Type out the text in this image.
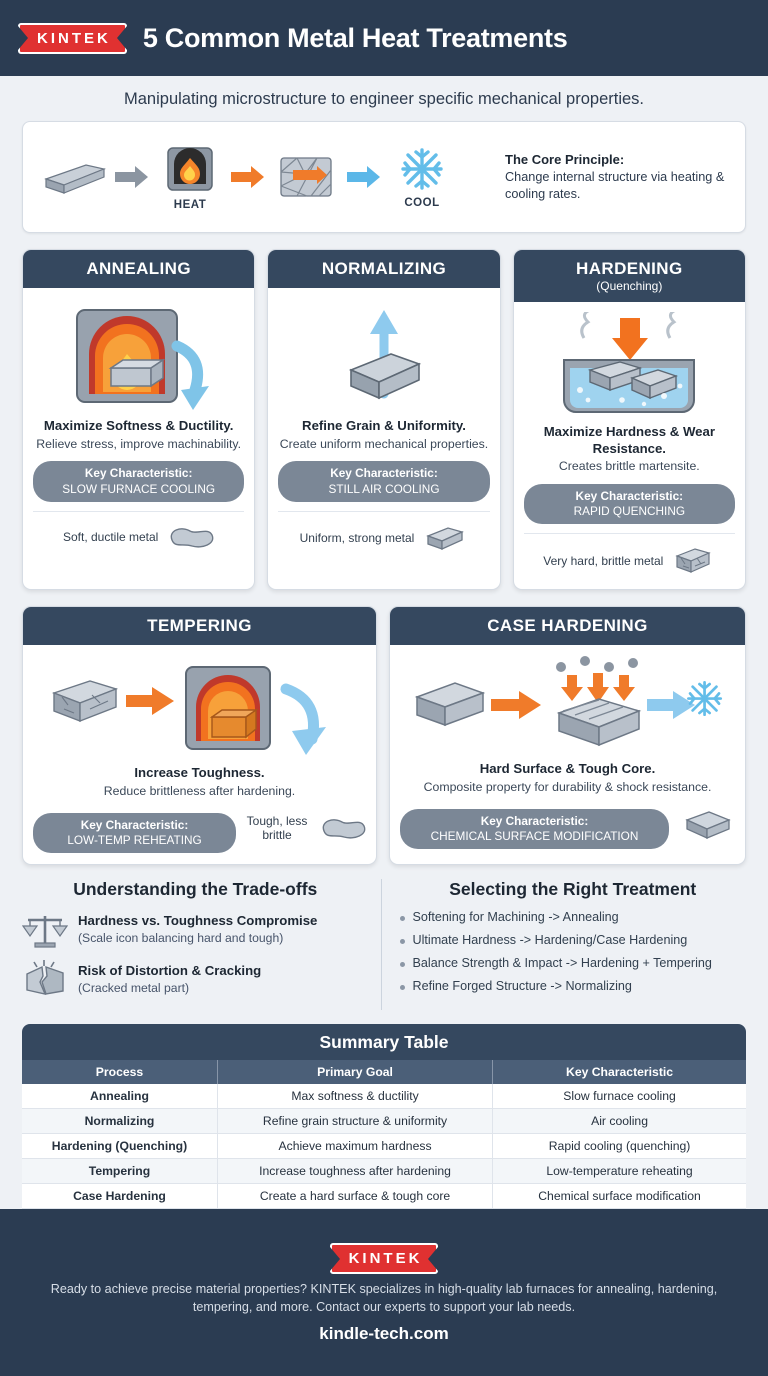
KINTEK	5 Common Metal Heat Treatments
Manipulating microstructure to engineer specific mechanical properties.
HEAT	COOL
The Core Principle:
Change internal structure via heating & cooling rates.
ANNEALING
Maximize Softness & Ductility.
Relieve stress, improve machinability.
Key Characteristic:
SLOW FURNACE COOLING
Soft, ductile metal
NORMALIZING
Refine Grain & Uniformity.
Create uniform mechanical properties.
Key Characteristic:
STILL AIR COOLING
Uniform, strong metal
HARDENING
(Quenching)
Maximize Hardness & Wear Resistance.
Creates brittle martensite.
Key Characteristic:
RAPID QUENCHING
Very hard, brittle metal
TEMPERING
Increase Toughness.
Reduce brittleness after hardening.
Key Characteristic:
LOW-TEMP REHEATING
Tough, less brittle
CASE HARDENING
Hard Surface & Tough Core.
Composite property for durability & shock resistance.
Key Characteristic:
CHEMICAL SURFACE MODIFICATION
Understanding the Trade-offs
Hardness vs. Toughness Compromise
(Scale icon balancing hard and tough)
Risk of Distortion & Cracking
(Cracked metal part)
Selecting the Right Treatment
Softening for Machining -> Annealing
Ultimate Hardness -> Hardening/Case Hardening
Balance Strength & Impact -> Hardening + Tempering
Refine Forged Structure -> Normalizing
Summary Table
Process	Primary Goal	Key Characteristic
Annealing	Max softness & ductility	Slow furnace cooling
Normalizing	Refine grain structure & uniformity	Air cooling
Hardening (Quenching)	Achieve maximum hardness	Rapid cooling (quenching)
Tempering	Increase toughness after hardening	Low-temperature reheating
Case Hardening	Create a hard surface & tough core	Chemical surface modification
KINTEK

Ready to achieve precise material properties? KINTEK specializes in high-quality lab furnaces for annealing, hardening, tempering, and more. Contact our experts to support your lab needs.

kindle-tech.com
